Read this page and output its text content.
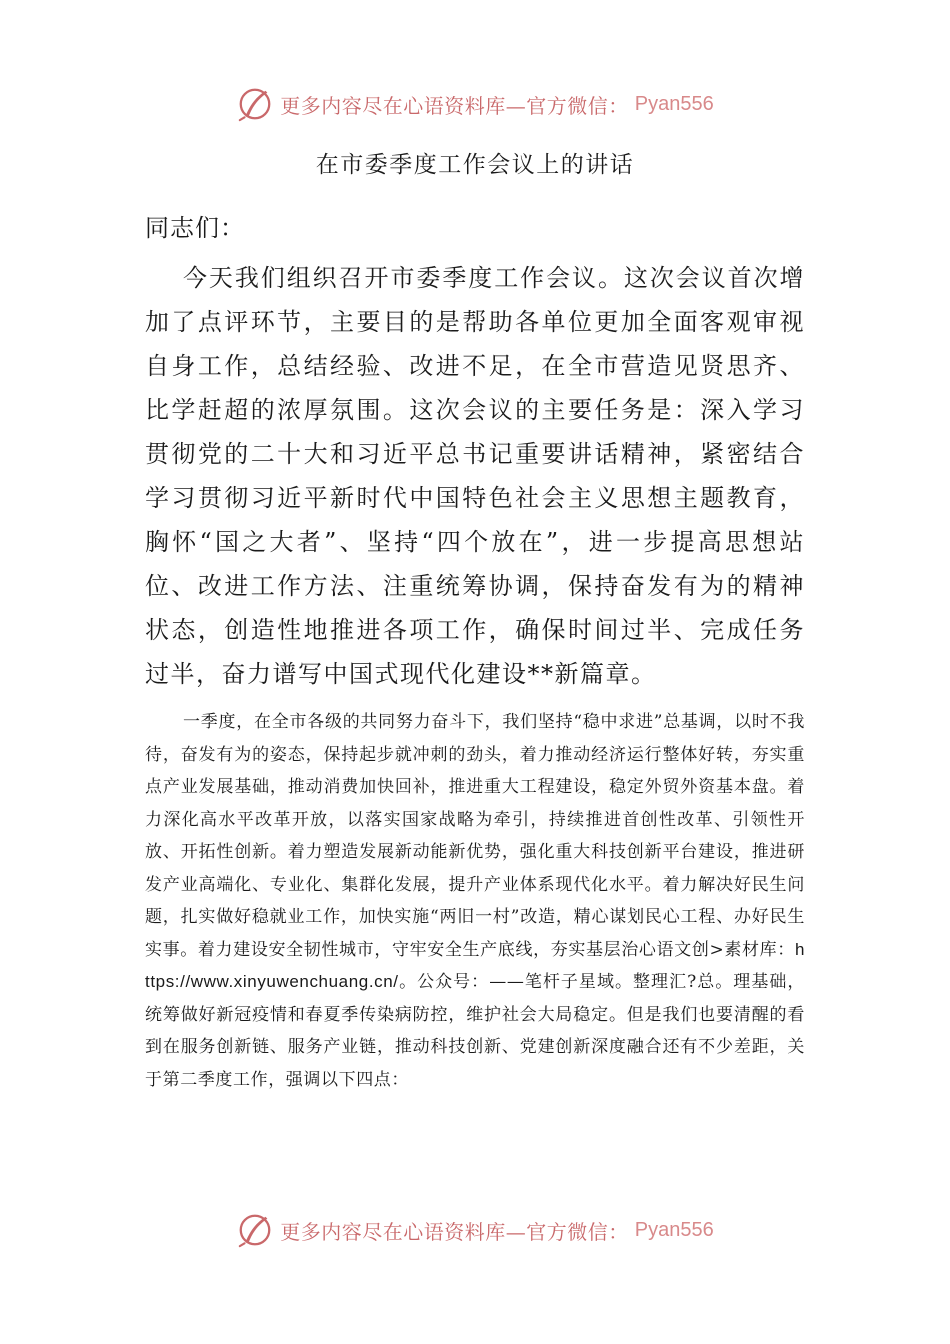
更多内容尽在心语资料库—官方微信： Pyan556
在市委季度工作会议上的讲话

同志们：

今天我们组织召开市委季度工作会议。这次会议首次增加了点评环节，主要目的是帮助各单位更加全面客观审视自身工作，总结经验、改进不足，在全市营造见贤思齐、比学赶超的浓厚氛围。这次会议的主要任务是：深入学习贯彻党的二十大和习近平总书记重要讲话精神，紧密结合学习贯彻习近平新时代中国特色社会主义思想主题教育，胸怀“国之大者”、坚持“四个放在”，进一步提高思想站位、改进工作方法、注重统筹协调，保持奋发有为的精神状态，创造性地推进各项工作，确保时间过半、完成任务过半，奋力谱写中国式现代化建设**新篇章。

一季度，在全市各级的共同努力奋斗下，我们坚持“稳中求进”总基调，以时不我待，奋发有为的姿态，保持起步就冲刺的劲头，着力推动经济运行整体好转，夯实重点产业发展基础，推动消费加快回补，推进重大工程建设，稳定外贸外资基本盘。着力深化高水平改革开放，以落实国家战略为牵引，持续推进首创性改革、引领性开放、开拓性创新。着力塑造发展新动能新优势，强化重大科技创新平台建设，推进研发产业高端化、专业化、集群化发展，提升产业体系现代化水平。着力解决好民生问题，扎实做好稳就业工作，加快实施“两旧一村”改造，精心谋划民心工程、办好民生实事。着力建设安全韧性城市，守牢安全生产底线，夯实基层治心语文创>素材库：https://www.xinyuwenchuang.cn/。公众号：——笔杆子星域。整理汇?总。理基础，统筹做好新冠疫情和春夏季传染病防控，维护社会大局稳定。但是我们也要清醒的看到在服务创新链、服务产业链，推动科技创新、党建创新深度融合还有不少差距，关于第二季度工作，强调以下四点：

更多内容尽在心语资料库—官方微信： Pyan556
